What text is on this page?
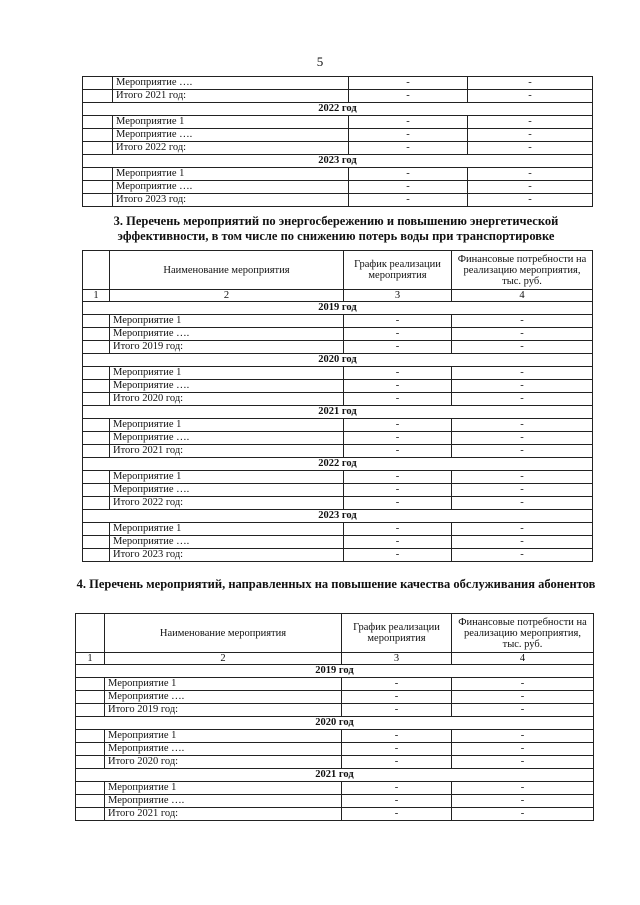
5
	Мероприятие ….	-	-
	Итого 2021 год:	-	-
2022 год			
	Мероприятие 1	-	-
	Мероприятие ….	-	-
	Итого 2022 год:	-	-
2023 год			
	Мероприятие 1	-	-
	Мероприятие ….	-	-
	Итого 2023 год:	-	-
3. Перечень мероприятий по энергосбережению и повышению энергетической эффективности, в том числе по снижению потерь воды при транспортировке
	Наименование мероприятия	График реализации мероприятия	Финансовые потребности на реализацию мероприятия, тыс. руб.
1	2	3	4
2019 год			
	Мероприятие 1	-	-
	Мероприятие ….	-	-
	Итого 2019 год:	-	-
2020 год			
	Мероприятие 1	-	-
	Мероприятие ….	-	-
	Итого 2020 год:	-	-
2021 год			
	Мероприятие 1	-	-
	Мероприятие ….	-	-
	Итого 2021 год:	-	-
2022 год			
	Мероприятие 1	-	-
	Мероприятие ….	-	-
	Итого 2022 год:	-	-
2023 год			
	Мероприятие 1	-	-
	Мероприятие ….	-	-
	Итого 2023 год:	-	-
4. Перечень мероприятий, направленных на повышение качества обслуживания абонентов
	Наименование мероприятия	График реализации мероприятия	Финансовые потребности на реализацию мероприятия, тыс. руб.
1	2	3	4
2019 год			
	Мероприятие 1	-	-
	Мероприятие ….	-	-
	Итого 2019 год:	-	-
2020 год			
	Мероприятие 1	-	-
	Мероприятие ….	-	-
	Итого 2020 год:	-	-
2021 год			
	Мероприятие 1	-	-
	Мероприятие ….	-	-
	Итого 2021 год:	-	-
